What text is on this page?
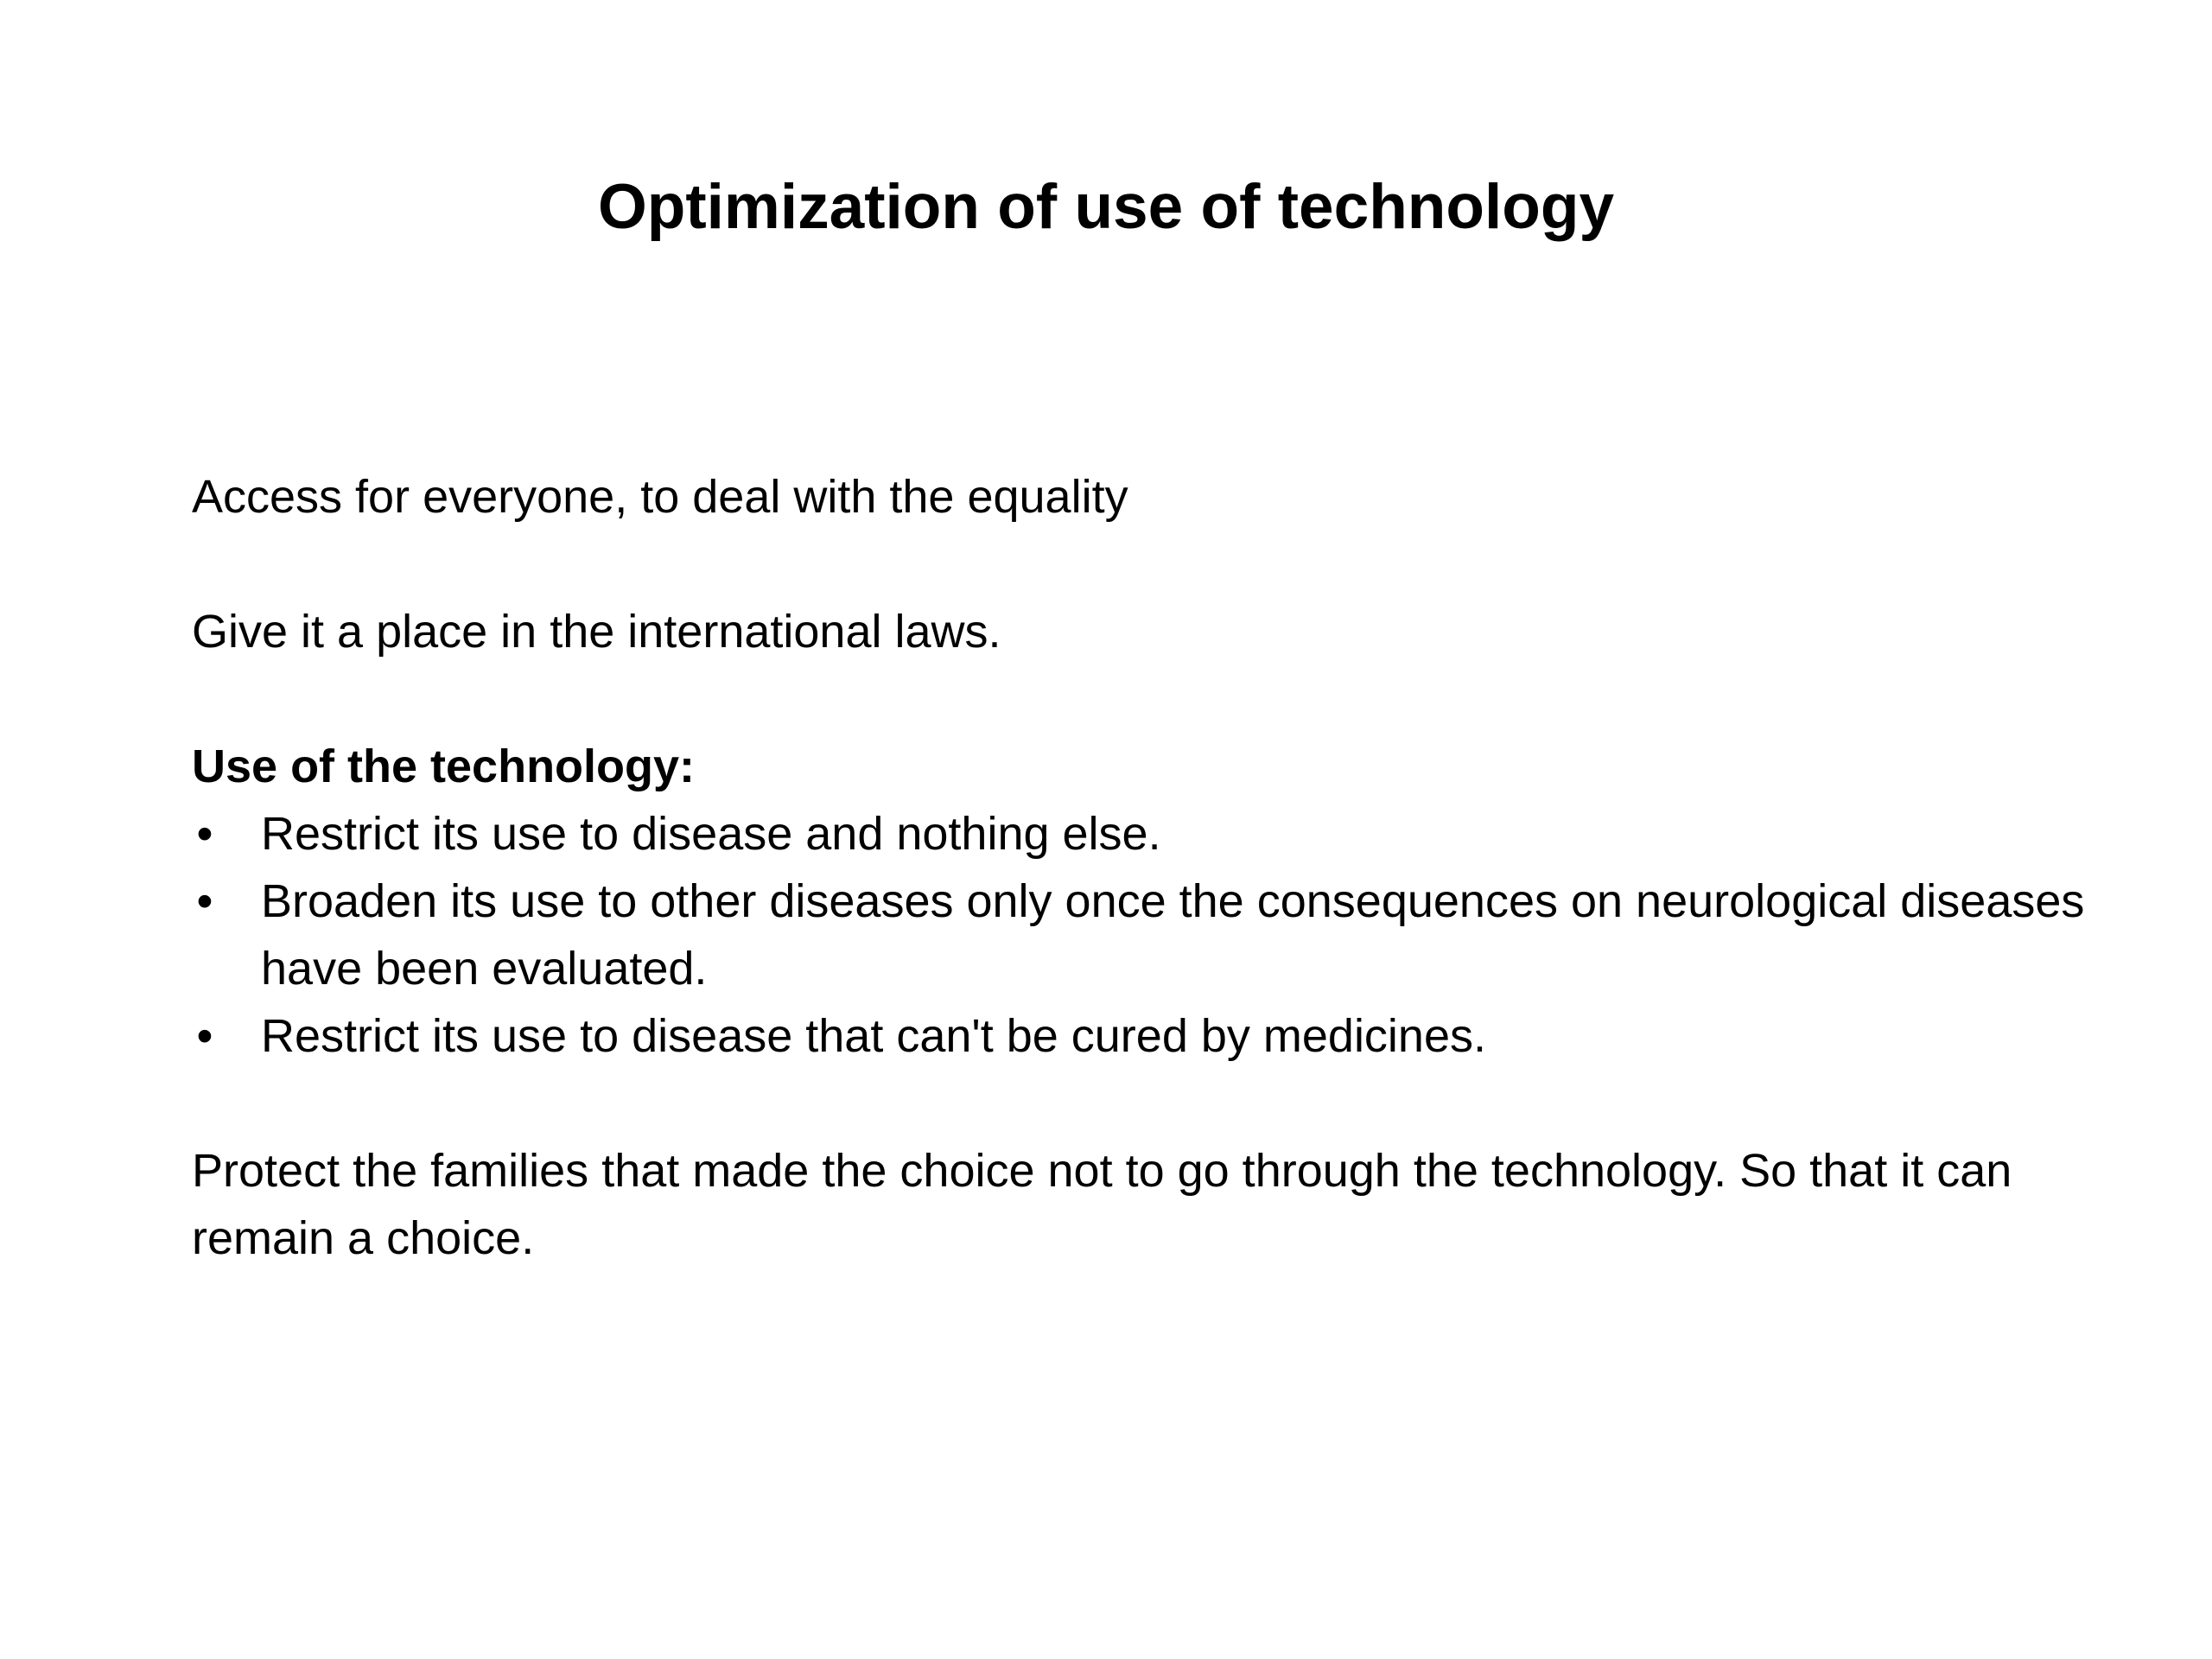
Optimization of use of technology

Access for everyone, to deal with the equality

Give it a place in the international laws.

Use of the technology:

• Restrict its use to disease and nothing else.
• Broaden its use to other diseases only once the consequences on neurological diseases have been evaluated.
• Restrict its use to disease that can't be cured by medicines.

Protect the families that made the choice not to go through the technology. So that it can remain a choice.
